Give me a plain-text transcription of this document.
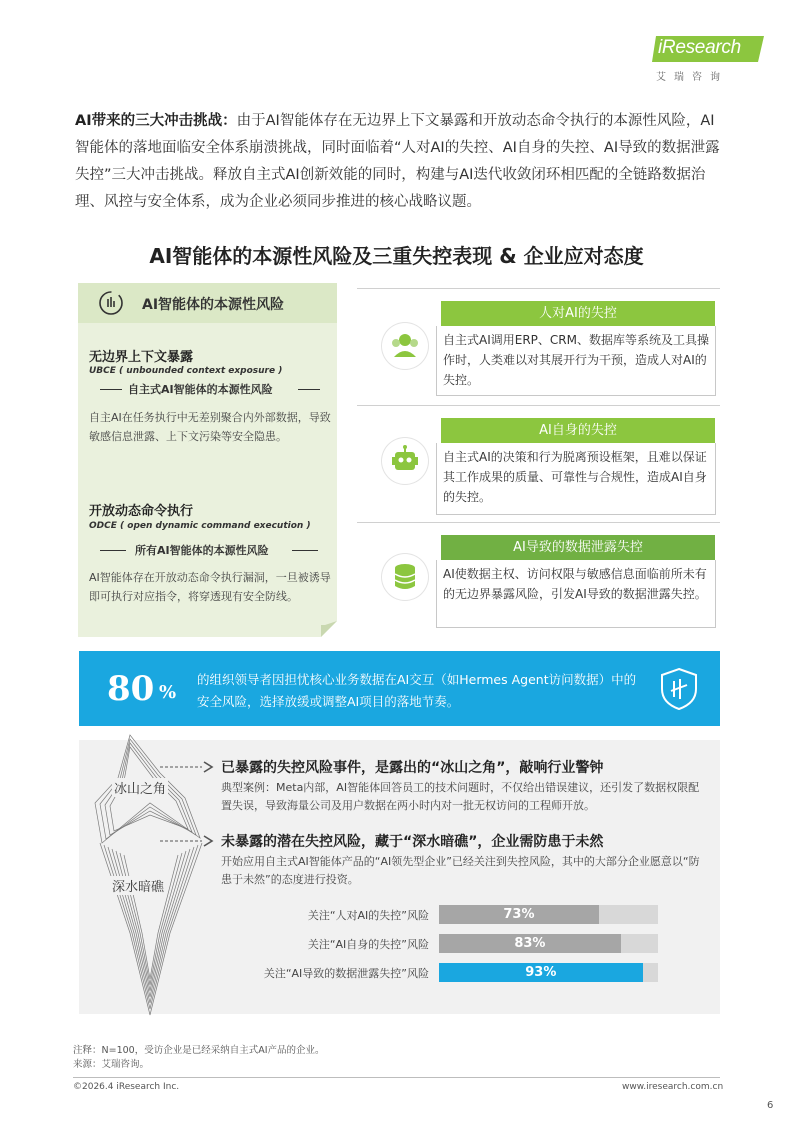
iResearch
艾瑞咨询
AI带来的三大冲击挑战：由于AI智能体存在无边界上下文暴露和开放动态命令执行的本源性风险，AI智能体的落地面临安全体系崩溃挑战，同时面临着“人对AI的失控、AI自身的失控、AI导致的数据泄露失控”三大冲击挑战。释放自主式AI创新效能的同时，构建与AI迭代收敛闭环相匹配的全链路数据治理、风控与安全体系，成为企业必须同步推进的核心战略议题。
AI智能体的本源性风险及三重失控表现 & 企业应对态度
AI智能体的本源性风险
无边界上下文暴露
UBCE ( unbounded context exposure )
自主式AI智能体的本源性风险
自主AI在任务执行中无差别聚合内外部数据，导致敏感信息泄露、上下文污染等安全隐患。
开放动态命令执行
ODCE ( open dynamic command execution )
所有AI智能体的本源性风险
AI智能体存在开放动态命令执行漏洞，一旦被诱导即可执行对应指令，将穿透现有安全防线。
人对AI的失控
自主式AI调用ERP、CRM、数据库等系统及工具操作时，人类难以对其展开行为干预，造成人对AI的失控。
AI自身的失控
自主式AI的决策和行为脱离预设框架，且难以保证其工作成果的质量、可靠性与合规性，造成AI自身的失控。
AI导致的数据泄露失控
AI使数据主权、访问权限与敏感信息面临前所未有的无边界暴露风险，引发AI导致的数据泄露失控。
80 %
的组织领导者因担忧核心业务数据在AI交互（如Hermes Agent访问数据）中的安全风险，选择放缓或调整AI项目的落地节奏。
冰山之角
深水暗礁
已暴露的失控风险事件，是露出的“冰山之角”，敲响行业警钟
典型案例：Meta内部，AI智能体回答员工的技术问题时，不仅给出错误建议，还引发了数据权限配置失误，导致海量公司及用户数据在两小时内对一批无权访问的工程师开放。
未暴露的潜在失控风险，藏于“深水暗礁”，企业需防患于未然
开始应用自主式AI智能体产品的“AI领先型企业”已经关注到失控风险，其中的大部分企业愿意以“防患于未然”的态度进行投资。
关注“人对AI的失控”风险	73%
关注“AI自身的失控”风险	83%
关注“AI导致的数据泄露失控”风险	93%
注释：N=100，受访企业是已经采纳自主式AI产品的企业。
来源：艾瑞咨询。
©2026.4 iResearch Inc.	www.iresearch.com.cn
6
